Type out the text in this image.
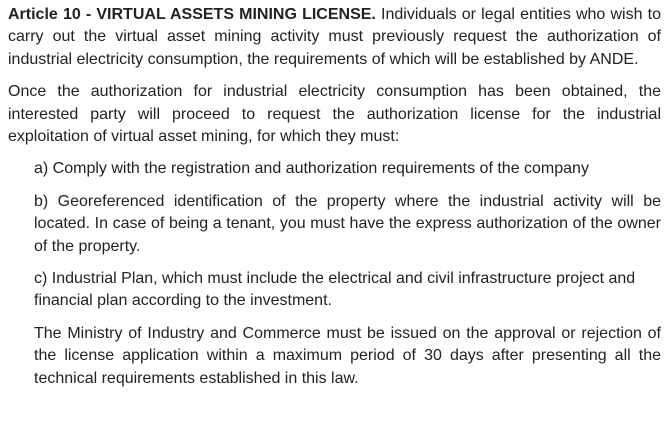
Article 10 - VIRTUAL ASSETS MINING LICENSE. Individuals or legal entities who wish to carry out the virtual asset mining activity must previously request the authorization of industrial electricity consumption, the requirements of which will be established by ANDE.

Once the authorization for industrial electricity consumption has been obtained, the interested party will proceed to request the authorization license for the industrial exploitation of virtual asset mining, for which they must:

a) Comply with the registration and authorization requirements of the company

b) Georeferenced identification of the property where the industrial activity will be located. In case of being a tenant, you must have the express authorization of the owner of the property.

c) Industrial Plan, which must include the electrical and civil infrastructure project and financial plan according to the investment.

The Ministry of Industry and Commerce must be issued on the approval or rejection of the license application within a maximum period of 30 days after presenting all the technical requirements established in this law.
